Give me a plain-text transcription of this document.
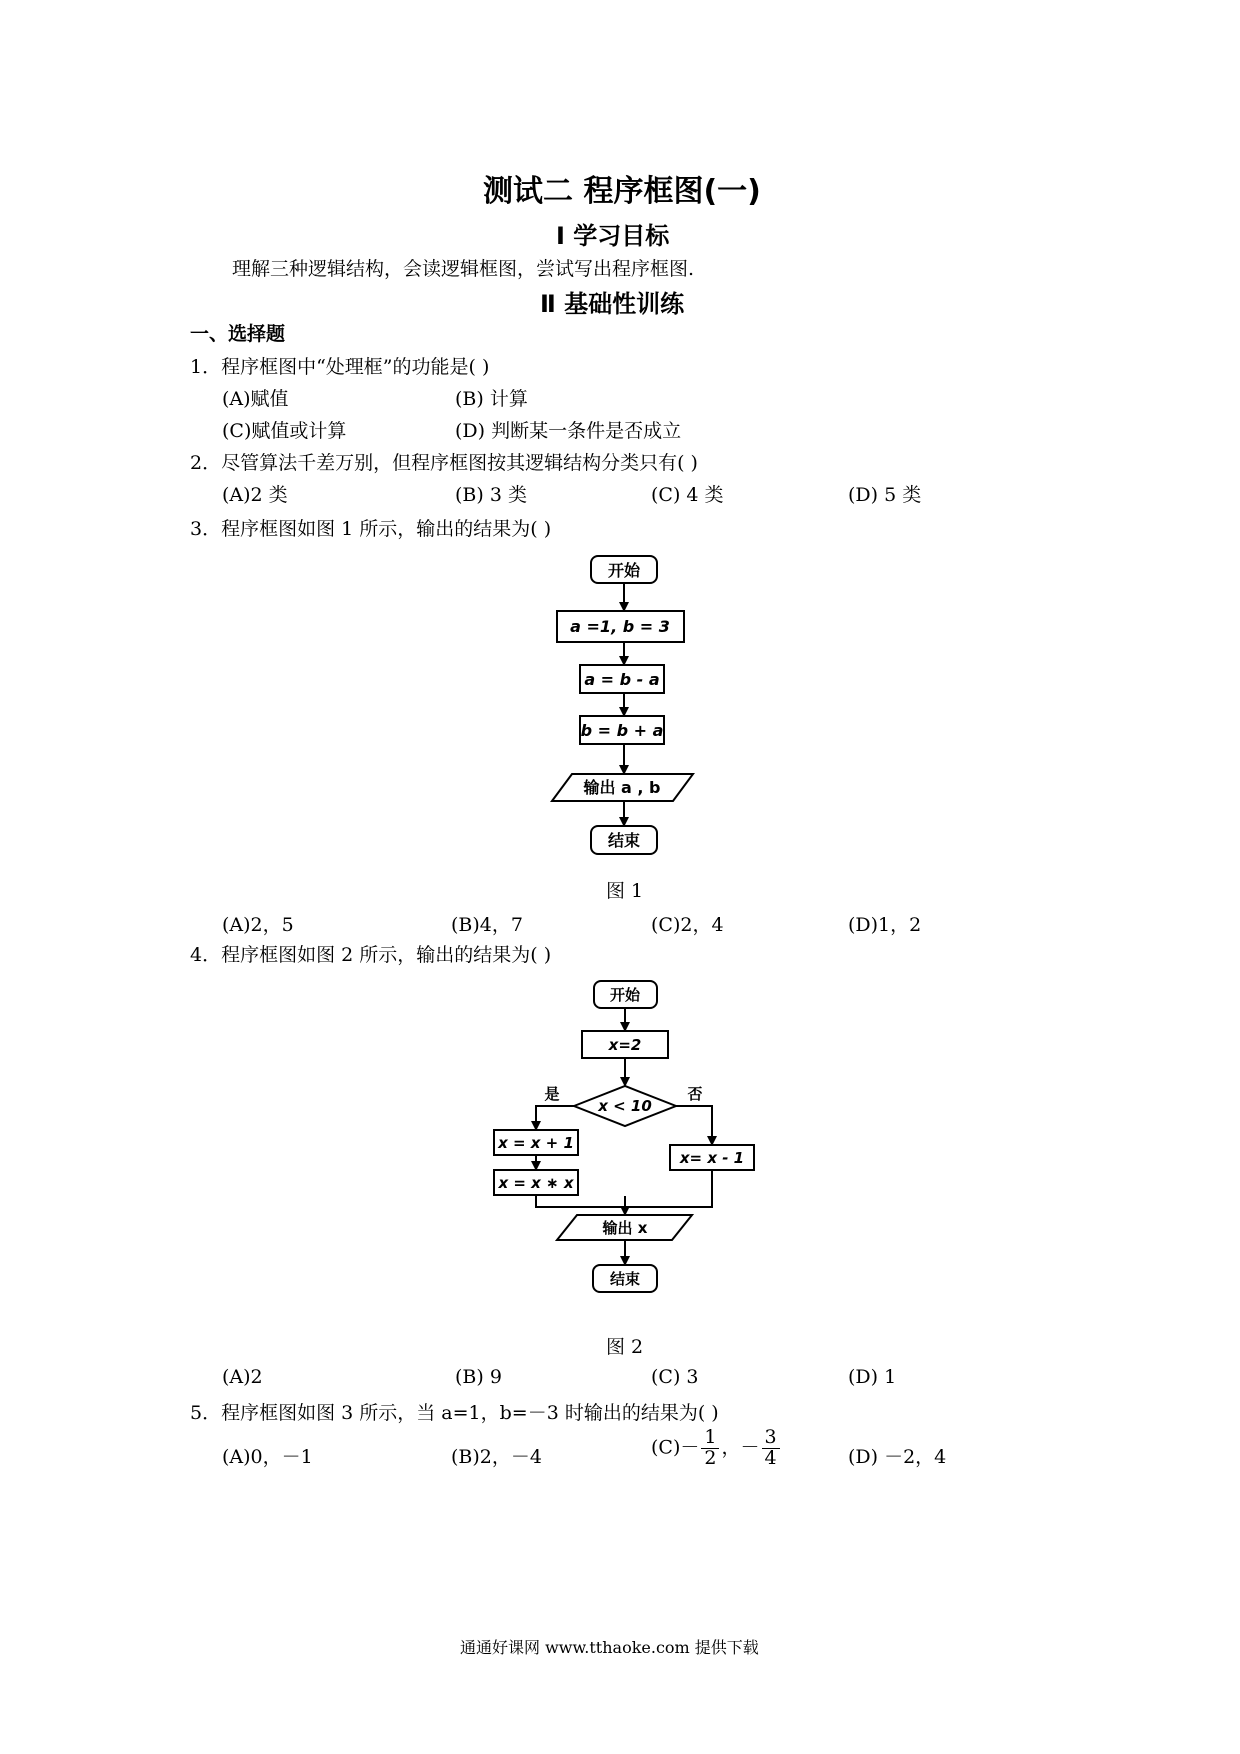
测试二 程序框图(一)
Ⅰ 学习目标
理解三种逻辑结构，会读逻辑框图，尝试写出程序框图.
Ⅱ 基础性训练
一、选择题
1．程序框图中“处理框”的功能是( )
(A)赋值	(B) 计算
(C)赋值或计算	(D) 判断某一条件是否成立
2．尽管算法千差万别，但程序框图按其逻辑结构分类只有( )
(A)2 类	(B) 3 类	(C) 4 类	(D) 5 类
3．程序框图如图 1 所示，输出的结果为( )
开始
a =1, b = 3
a = b - a
b = b + a
输出 a , b
结束
图 1
(A)2，5	(B)4，7	(C)2，4	(D)1，2
4．程序框图如图 2 所示，输出的结果为( )
开始
x=2
x < 10
是	否
x = x + 1
x = x ∗ x
x= x - 1
输出 x
结束
图 2
(A)2	(B) 9	(C) 3	(D) 1
5．程序框图如图 3 所示，当 a=1，b=－3 时输出的结果为( )
(A)0，－1	(B)2，－4	$(C)- \frac{1}{2}$ ，－ $\frac{3}{4}$	(D) －2，4
通通好课网 www.tthaoke.com 提供下载
